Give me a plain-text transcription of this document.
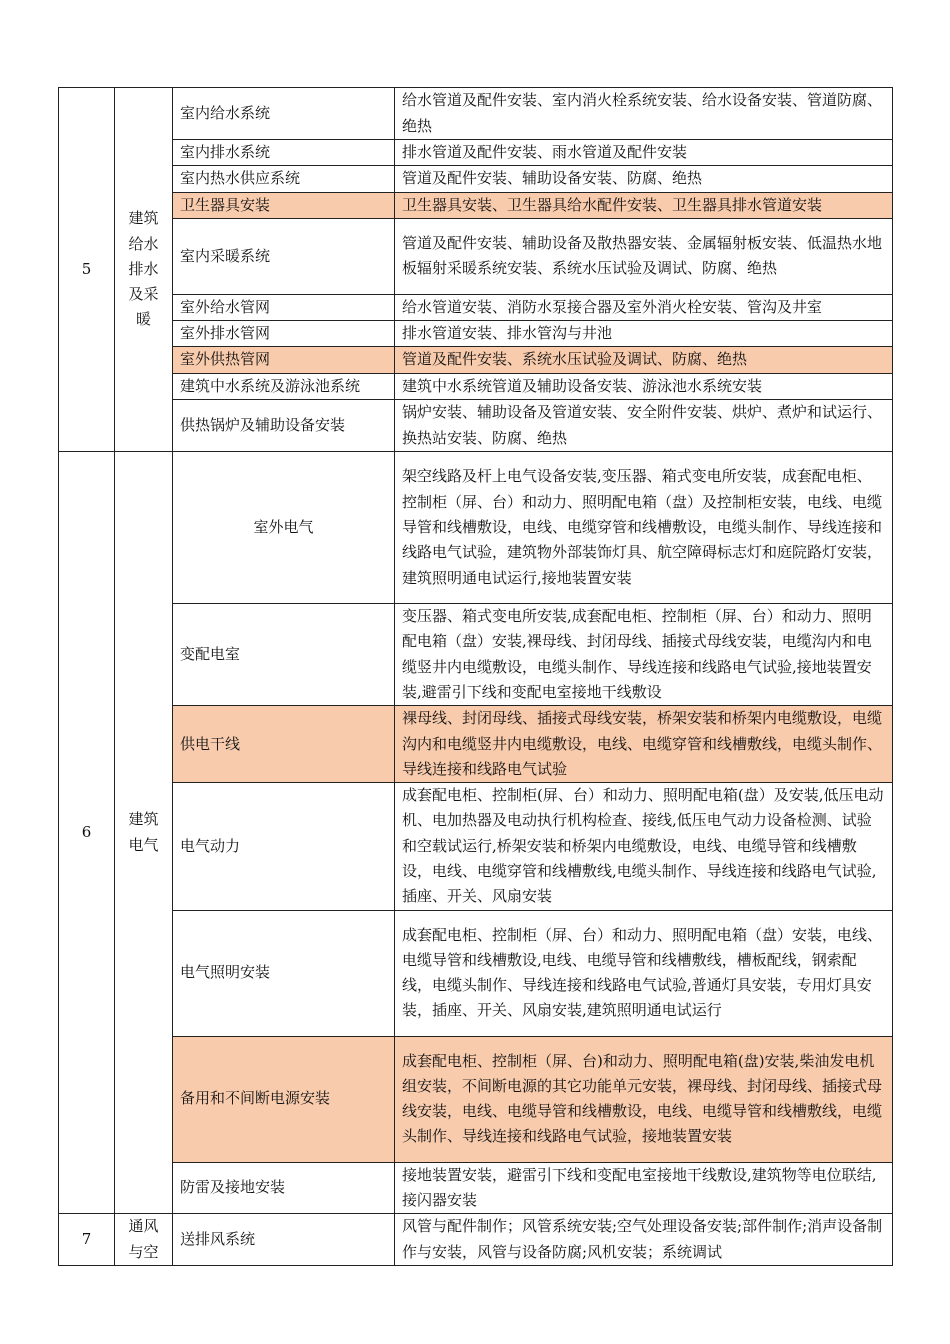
5	建筑给水排水及采暖	室内给水系统	给水管道及配件安装、室内消火栓系统安装、给水设备安装、管道防腐、绝热
		室内排水系统	排水管道及配件安装、雨水管道及配件安装
		室内热水供应系统	管道及配件安装、辅助设备安装、防腐、绝热
		卫生器具安装	卫生器具安装、卫生器具给水配件安装、卫生器具排水管道安装
		室内采暖系统	管道及配件安装、辅助设备及散热器安装、金属辐射板安装、低温热水地板辐射采暖系统安装、系统水压试验及调试、防腐、绝热
		室外给水管网	给水管道安装、消防水泵接合器及室外消火栓安装、管沟及井室
		室外排水管网	排水管道安装、排水管沟与井池
		室外供热管网	管道及配件安装、系统水压试验及调试、防腐、绝热
		建筑中水系统及游泳池系统	建筑中水系统管道及辅助设备安装、游泳池水系统安装
		供热锅炉及辅助设备安装	锅炉安装、辅助设备及管道安装、安全附件安装、烘炉、煮炉和试运行、换热站安装、防腐、绝热
6	建筑电气	室外电气	架空线路及杆上电气设备安装,变压器、箱式变电所安装，成套配电柜、控制柜（屏、台）和动力、照明配电箱（盘）及控制柜安装，电线、电缆导管和线槽敷设，电线、电缆穿管和线槽敷设，电缆头制作、导线连接和线路电气试验，建筑物外部装饰灯具、航空障碍标志灯和庭院路灯安装，建筑照明通电试运行,接地装置安装
		变配电室	变压器、箱式变电所安装,成套配电柜、控制柜（屏、台）和动力、照明配电箱（盘）安装,裸母线、封闭母线、插接式母线安装，电缆沟内和电缆竖井内电缆敷设，电缆头制作、导线连接和线路电气试验,接地装置安装,避雷引下线和变配电室接地干线敷设
		供电干线	裸母线、封闭母线、插接式母线安装，桥架安装和桥架内电缆敷设，电缆沟内和电缆竖井内电缆敷设，电线、电缆穿管和线槽敷线，电缆头制作、导线连接和线路电气试验
		电气动力	成套配电柜、控制柜(屏、台）和动力、照明配电箱(盘）及安装,低压电动机、电加热器及电动执行机构检查、接线,低压电气动力设备检测、试验和空载试运行,桥架安装和桥架内电缆敷设，电线、电缆导管和线槽敷设，电线、电缆穿管和线槽敷线,电缆头制作、导线连接和线路电气试验,插座、开关、风扇安装
		电气照明安装	成套配电柜、控制柜（屏、台）和动力、照明配电箱（盘）安装，电线、电缆导管和线槽敷设,电线、电缆导管和线槽敷线，槽板配线，钢索配线，电缆头制作、导线连接和线路电气试验,普通灯具安装，专用灯具安装，插座、开关、风扇安装,建筑照明通电试运行
		备用和不间断电源安装	成套配电柜、控制柜（屏、台)和动力、照明配电箱(盘)安装,柴油发电机组安装，不间断电源的其它功能单元安装，裸母线、封闭母线、插接式母线安装，电线、电缆导管和线槽敷设，电线、电缆导管和线槽敷线，电缆头制作、导线连接和线路电气试验，接地装置安装
		防雷及接地安装	接地装置安装，避雷引下线和变配电室接地干线敷设,建筑物等电位联结,接闪器安装
7	通风与空	送排风系统	风管与配件制作；风管系统安装;空气处理设备安装;部件制作;消声设备制作与安装，风管与设备防腐;风机安装；系统调试
